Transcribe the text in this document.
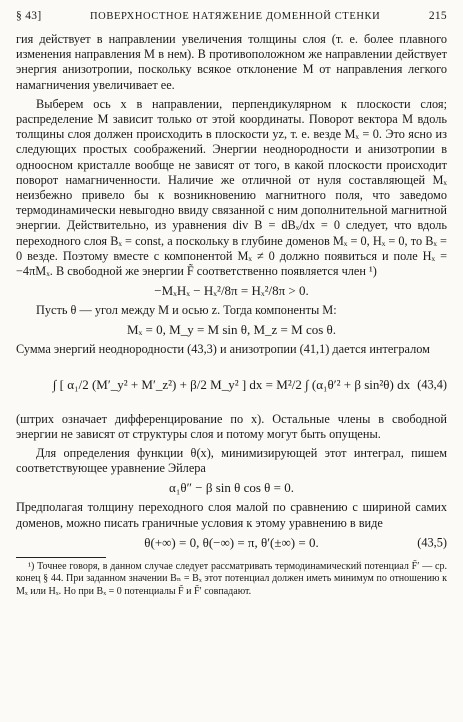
§ 43]	ПОВЕРХНОСТНОЕ НАТЯЖЕНИЕ ДОМЕННОЙ СТЕНКИ	215

гия действует в направлении увеличения толщины слоя (т. е. более плавного изменения направления M в нем). В противоположном же направлении действует энергия анизотропии, поскольку всякое отклонение M от направления легкого намагничения увеличивает ее.

Выберем ось x в направлении, перпендикулярном к плоскости слоя; распределение M зависит только от этой координаты. Поворот вектора M вдоль толщины слоя должен происходить в плоскости yz, т. е. везде Mₓ = 0. Это ясно из следующих простых соображений. Энергии неоднородности и анизотропии в одноосном кристалле вообще не зависят от того, в какой плоскости происходит поворот намагниченности. Наличие же отличной от нуля составляющей Mₓ неизбежно привело бы к возникновению магнитного поля, что заведомо термодинамически невыгодно ввиду связанной с ним дополнительной магнитной энергии. Действительно, из уравнения div B = dBₓ/dx = 0 следует, что вдоль переходного слоя Bₓ = const, а поскольку в глубине доменов Mₓ = 0, Hₓ = 0, то Bₓ = 0 везде. Поэтому вместе с компонентой Mₓ ≠ 0 должно появиться и поле Hₓ = −4πMₓ. В свободной же энергии F̃ соответственно появляется член ¹)

−MₓHₓ − Hₓ²/8π = Hₓ²/8π > 0.

Пусть θ — угол между M и осью z. Тогда компоненты M:

Mₓ = 0, M_y = M sin θ, M_z = M cos θ.

Сумма энергий неоднородности (43,3) и анизотропии (41,1) дается интегралом

∫ [ α₁/2 (M′_y² + M′_z²) + β/2 M_y² ] dx = M²/2 ∫ (α₁θ′² + β sin²θ) dx (43,4)

(штрих означает дифференцирование по x). Остальные члены в свободной энергии не зависят от структуры слоя и потому могут быть опущены.

Для определения функции θ(x), минимизирующей этот интеграл, пишем соответствующее уравнение Эйлера

α₁θ″ − β sin θ cos θ = 0.

Предполагая толщину переходного слоя малой по сравнению с шириной самих доменов, можно писать граничные условия к этому уравнению в виде

θ(+∞) = 0, θ(−∞) = π, θ′(±∞) = 0.	(43,5)

¹) Точнее говоря, в данном случае следует рассматривать термодинамический потенциал F̃′ — ср. конец § 44. При заданном значении Bₙ = Bₓ этот потенциал должен иметь минимум по отношению к Mₓ или Hₓ. Но при Bₓ = 0 потенциалы F̃ и F̃′ совпадают.
